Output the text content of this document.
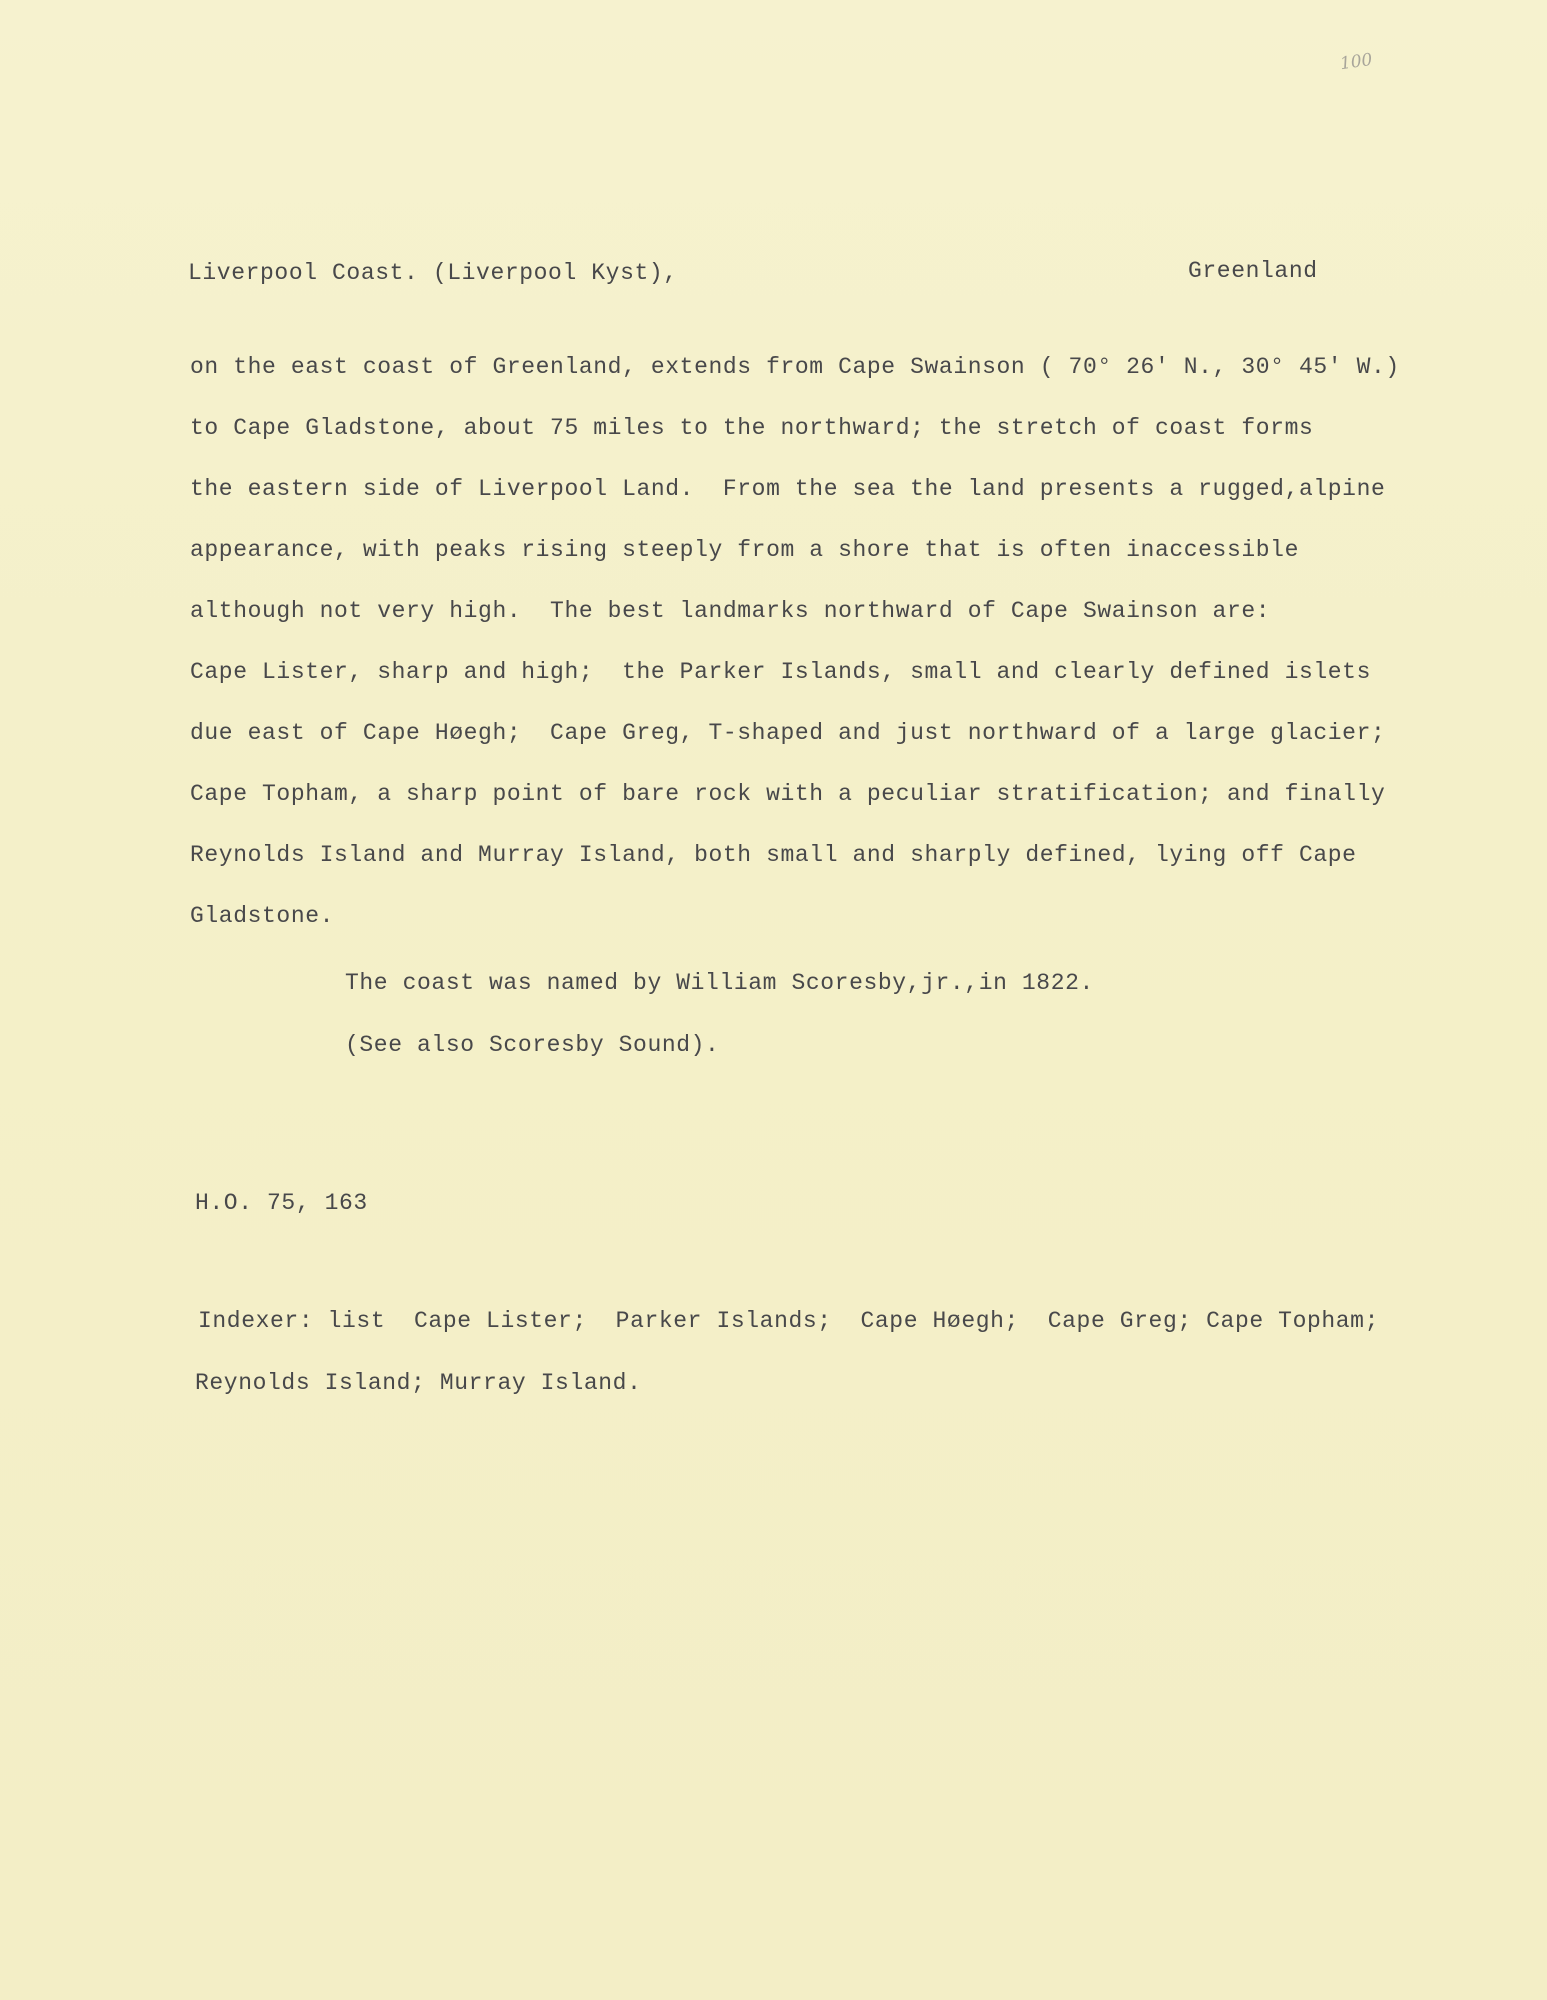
100
Liverpool Coast. (Liverpool Kyst),	Greenland
on the east coast of Greenland, extends from Cape Swainson ( 70° 26' N., 30° 45' W.)
to Cape Gladstone, about 75 miles to the northward; the stretch of coast forms
the eastern side of Liverpool Land.  From the sea the land presents a rugged,alpine
appearance, with peaks rising steeply from a shore that is often inaccessible
although not very high.  The best landmarks northward of Cape Swainson are:
Cape Lister, sharp and high;  the Parker Islands, small and clearly defined islets
due east of Cape Høegh;  Cape Greg, T-shaped and just northward of a large glacier;
Cape Topham, a sharp point of bare rock with a peculiar stratification; and finally
Reynolds Island and Murray Island, both small and sharply defined, lying off Cape
Gladstone.
The coast was named by William Scoresby,jr.,in 1822.
(See also Scoresby Sound).
H.O. 75, 163
Indexer: list  Cape Lister;  Parker Islands;  Cape Høegh;  Cape Greg; Cape Topham;
Reynolds Island; Murray Island.
